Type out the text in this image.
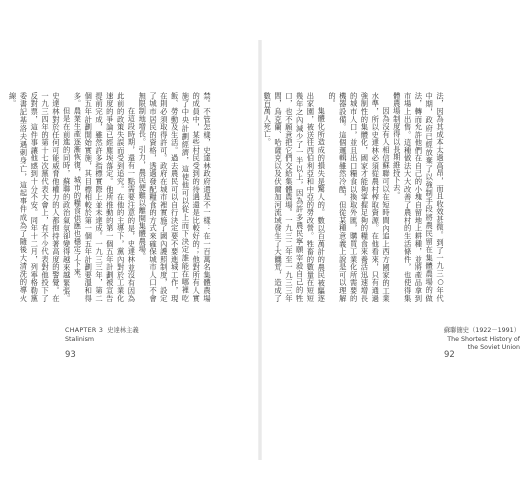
禁。不管怎樣，史達林政府還是不一樣：在一百萬名集體農場的成員中，某些村民受到的待遇還是比較好的；他對所有人實施了中央計劃經濟，這使他可以從上而下決定誰能在哪裡吃飯、勞動及生活。過去農民可以自行決定要不要進城工作，現在則必須取得許可。政府在城市裡實施了國內護照制度，設定了城市居民的資格，透過發配糧食的方式來確保城市人口不會無限制地增長。引力，農民便難以離開集體農場。

在這段時期，還有一點需要注意的是，史達林並沒有因為此前的政策失誤而受到追究。在他的主導下，黨內對於工業化速度的爭論已經塵埃落定。他所推動的第一個五年計劃被宣告提前完成，雖然許多指標實際上並未達成。一九三三年，第二個五年計劃開始實施，其目標相較於第一個五年計劃要溫和得多。農業生產逐漸恢復，城市的糧食供應也穩定了下來。

但是在前進的同時，蘇聯的政治氣氛卻變得越來越緊張。史達林對於任何可能威脅他權力的人都抱持著高度的警覺。在一九三四年的第十七次黨代表大會上，有不少代表對他投下了反對票，這件事讓他感到十分不安。同年十二月，列寧格勒黨委書記基洛夫遇刺身亡，這起事件成為了隨後大清洗的導火線。

CHAPTER 3 史達林主義
Stalinism
93

法，因為其成本太過高昂，而且收效甚微。到了一九三○年代中期，政府已經放棄了以強制手段將農民留在集體農場的做法，轉而允許他們在自己的小塊自留地上耕種，並將產品拿到市場上出售。這種做法大大改善了農村的生活條件，也使得集體農場制度得以長期維持下去。

因為沒有人相信蘇聯可以在短時間內追上西方國家的工業水準，所以史達林必須從農村榨取資源。在他看來，只有通過強制性的集體化，國家才能夠掌握足夠的糧食來養活迅速增長的城市人口，並且出口糧食以換取外匯，購買工業化所需要的機器設備。這個邏輯雖然冷酷，但從某種意義上說是可以理解的。

集體化所造成的損失是驚人的。數以百萬計的農民被驅逐出家園，被送往西伯利亞和中亞的勞改營。牲畜的數量在短短幾年之內減少了一半以上，因為許多農民寧願宰殺自己的牲口，也不願意把它們交給集體農場。一九三二年至一九三三年間，烏克蘭、哈薩克以及伏爾加河流域發生了大饑荒，造成了數百萬人死亡。

蘇聯簡史（1922－1991）
The Shortest History of the Soviet Union
92
